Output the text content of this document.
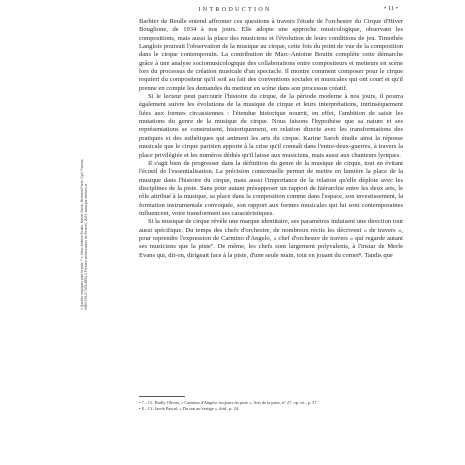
INTRODUCTION	• 11 •

Barbier de Reulle entend affronter ces questions à travers l'étude de l'orchestre du Cirque d'Hiver Bouglione, de 1934 à nos jours. Elle adopte une approche musicologique, observant les compositions, mais aussi la place des musiciens et l'évolution de leurs conditions de jeu. Timothée Langlois poursuit l'observation de la musique au cirque, cette fois du point de vue de la composition dans le cirque contemporain. La contribution de Marc-Antoine Boutin complète cette démarche grâce à une analyse sociomusicologique des collaborations entre compositeurs et metteurs en scène lors du processus de création musicale d'un spectacle. Il montre comment composer pour le cirque requiert du compositeur qu'il soit au fait des conventions sociales et musicales qui ont court et qu'il prenne en compte les demandes du metteur en scène dans son processus créatif.

Si le lecteur peut parcourir l'histoire du cirque, de la période moderne à nos jours, il pourra également suivre les évolutions de la musique de cirque et leurs interprétations, intrinsèquement liées aux formes circassiennes : l'étendue historique nourrit, en effet, l'ambition de saisir les mutations du genre de la musique de cirque. Nous faisons l'hypothèse que sa nature et ses représentations se construisent, historiquement, en relation directe avec les transformations des pratiques et des esthétiques qui animent les arts du cirque. Karine Saroh étudie ainsi la réponse musicale que le cirque parisien apporte à la crise qu'il connaît dans l'entre-deux-guerres, à travers la place privilégiée et les numéros dédiés qu'il laisse aux musiciens, mais aussi aux chanteurs lyriques.

Il s'agit bien de progresser dans la définition du genre de la musique de cirque, tout en évitant l'écueil de l'essentialisation. La précision contextuelle permet de mettre en lumière la place de la musique dans l'histoire du cirque, mais aussi l'importance de la relation qu'elle déploie avec les disciplines de la piste. Sans pour autant présupposer un rapport de hiérarchie entre les deux arts, le rôle attribué à la musique, sa place dans la composition comme dans l'espace, son investissement, la formation instrumentale convoquée, son rapport aux formes musicales qui lui sont contemporaines influencent, voire transforment ses caractéristiques.

Si la musique de cirque révèle une marque identitaire, ses paramètres induisent une direction tout aussi spécifique. Du temps des chefs d'orchestre, de nombreux récits les décrivent « de travers », pour reprendre l'expression de Carmino d'Angelo, « chef d'orchestre de travers » qui regarde autant ses musiciens que la piste⁷. De même, les chefs sont largement polyvalents, à l'instar de Merle Evans qui, dit-on, dirigeait face à la piste, d'une seule main, tout en jouant du cornet⁸. Tandis que

• 7 – Cf. Bailly Olivier, « Carmino d'Angelo, toujours en piste », Arts de la piste, n° 27, op. cit., p. 37.

• 8 – Cf. Jacob Pascal, « Du son au vertige », ibid., p. 24.

« Quelles musiques pour la piste ? », Marc-Antoine Boutin, Karine Saroh, Bertrand Porot, Cyril Thomas ISBN 978-2-7535-8850-3 Presses universitaires de Rennes, 2023, www.pur-editions.fr
